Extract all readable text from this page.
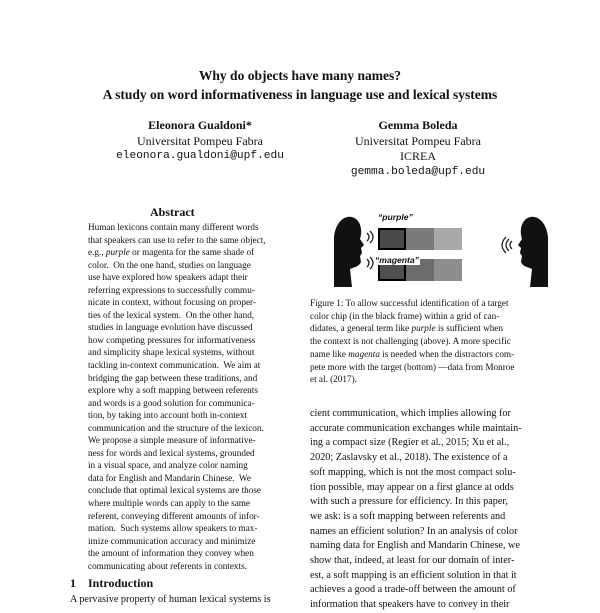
Why do objects have many names?
A study on word informativeness in language use and lexical systems
Eleonora Gualdoni*
Universitat Pompeu Fabra
eleonora.gualdoni@upf.edu
Gemma Boleda
Universitat Pompeu Fabra
ICREA
gemma.boleda@upf.edu
Abstract
Human lexicons contain many different words
that speakers can use to refer to the same object,
e.g., purple or magenta for the same shade of
color.  On the one hand, studies on language
use have explored how speakers adapt their
referring expressions to successfully commu-
nicate in context, without focusing on proper-
ties of the lexical system.  On the other hand,
studies in language evolution have discussed
how competing pressures for informativeness
and simplicity shape lexical systems, without
tackling in-context communication.  We aim at
bridging the gap between these traditions, and
explore why a soft mapping between referents
and words is a good solution for communica-
tion, by taking into account both in-context
communication and the structure of the lexicon.
We propose a simple measure of informative-
ness for words and lexical systems, grounded
in a visual space, and analyze color naming
data for English and Mandarin Chinese.  We
conclude that optimal lexical systems are those
where multiple words can apply to the same
referent, conveying different amounts of infor-
mation.  Such systems allow speakers to max-
imize communication accuracy and minimize
the amount of information they convey when
communicating about referents in contexts.
1 Introduction
A pervasive property of human lexical systems is
“purple”
“magenta”
Figure 1: To allow successful identification of a target
color chip (in the black frame) within a grid of can-
didates, a general term like purple is sufficient when
the context is not challenging (above). A more specific
name like magenta is needed when the distractors com-
pete more with the target (bottom) —data from Monroe
et al. (2017).
cient communication, which implies allowing for
accurate communication exchanges while maintain-
ing a compact size (Regier et al., 2015; Xu et al.,
2020; Zaslavsky et al., 2018). The existence of a
soft mapping, which is not the most compact solu-
tion possible, may appear on a first glance at odds
with such a pressure for efficiency. In this paper,
we ask: is a soft mapping between referents and
names an efficient solution? In an analysis of color
naming data for English and Mandarin Chinese, we
show that, indeed, at least for our domain of inter-
est, a soft mapping is an efficient solution in that it
achieves a good a trade-off between the amount of
information that speakers have to convey in their
